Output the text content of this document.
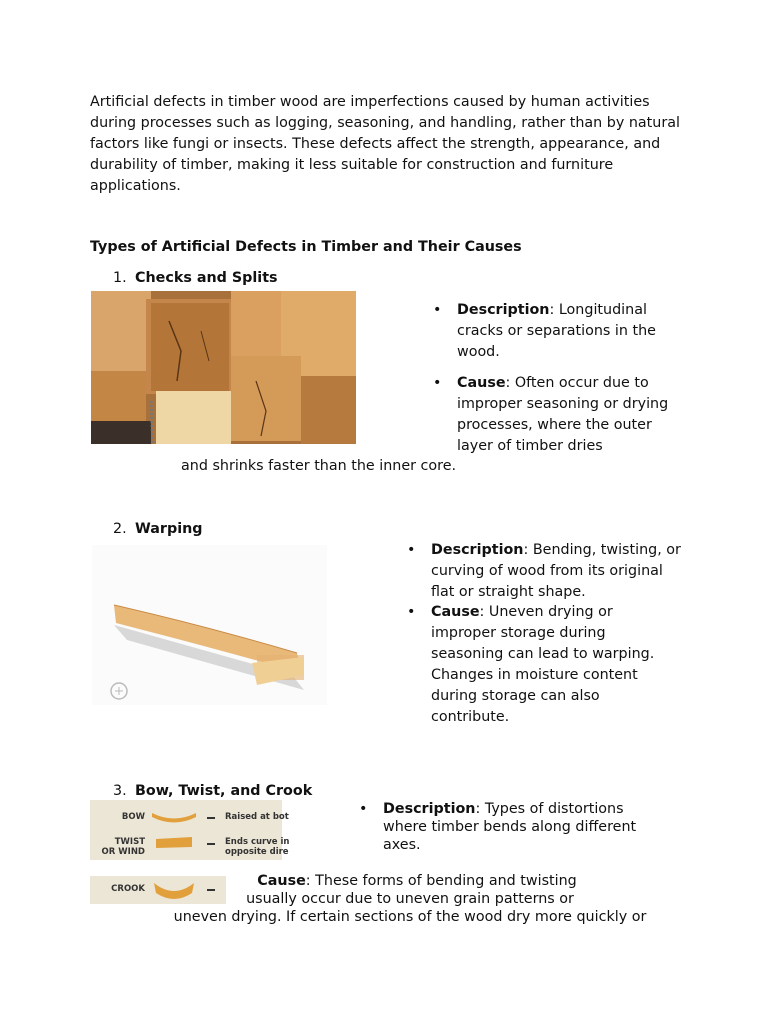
Artificial defects in timber wood are imperfections caused by human activities during processes such as logging, seasoning, and handling, rather than by natural factors like fungi or insects. These defects affect the strength, appearance, and durability of timber, making it less suitable for construction and furniture applications.

Types of Artificial Defects in Timber and Their Causes
1. Checks and Splits
• Description: Longitudinal cracks or separations in the wood.
• Cause: Often occur due to improper seasoning or drying processes, where the outer layer of timber dries
and shrinks faster than the inner core.
2. Warping
• Description: Bending, twisting, or curving of wood from its original flat or straight shape.
• Cause: Uneven drying or improper storage during seasoning can lead to warping. Changes in moisture content during storage can also contribute.
3. Bow, Twist, and Crook
BOW	Raised at bot
TWIST
OR WIND
Ends curve in
opposite dire
CROOK
• Description: Types of distortions where timber bends along different axes.
Cause: These forms of bending and twisting
usually occur due to uneven grain patterns or
uneven drying. If certain sections of the wood dry more quickly or
